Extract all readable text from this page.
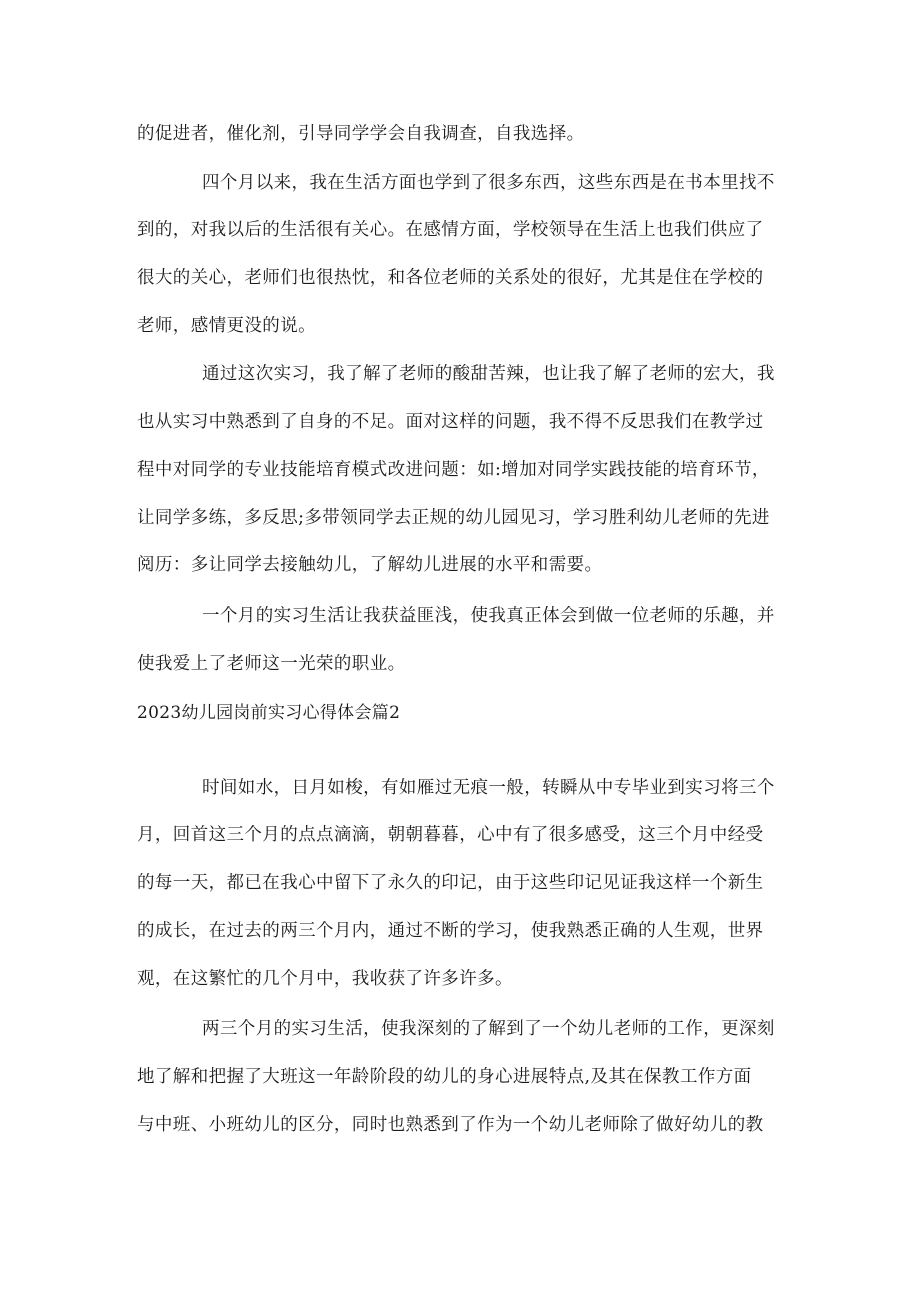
的促进者，催化剂，引导同学学会自我调查，自我选择。
四个月以来，我在生活方面也学到了很多东西，这些东西是在书本里找不
到的，对我以后的生活很有关心。在感情方面，学校领导在生活上也我们供应了
很大的关心，老师们也很热忱，和各位老师的关系处的很好，尤其是住在学校的
老师，感情更没的说。
通过这次实习，我了解了老师的酸甜苦辣，也让我了解了老师的宏大，我
也从实习中熟悉到了自身的不足。面对这样的问题，我不得不反思我们在教学过
程中对同学的专业技能培育模式改进问题：如:增加对同学实践技能的培育环节，
让同学多练，多反思;多带领同学去正规的幼儿园见习，学习胜利幼儿老师的先进
阅历：多让同学去接触幼儿，了解幼儿进展的水平和需要。
一个月的实习生活让我获益匪浅，使我真正体会到做一位老师的乐趣，并
使我爱上了老师这一光荣的职业。
2023幼儿园岗前实习心得体会篇2
时间如水，日月如梭，有如雁过无痕一般，转瞬从中专毕业到实习将三个
月，回首这三个月的点点滴滴，朝朝暮暮，心中有了很多感受，这三个月中经受
的每一天，都已在我心中留下了永久的印记，由于这些印记见证我这样一个新生
的成长，在过去的两三个月内，通过不断的学习，使我熟悉正确的人生观，世界
观，在这繁忙的几个月中，我收获了许多许多。
两三个月的实习生活，使我深刻的了解到了一个幼儿老师的工作，更深刻
地了解和把握了大班这一年龄阶段的幼儿的身心进展特点,及其在保教工作方面
与中班、小班幼儿的区分，同时也熟悉到了作为一个幼儿老师除了做好幼儿的教
